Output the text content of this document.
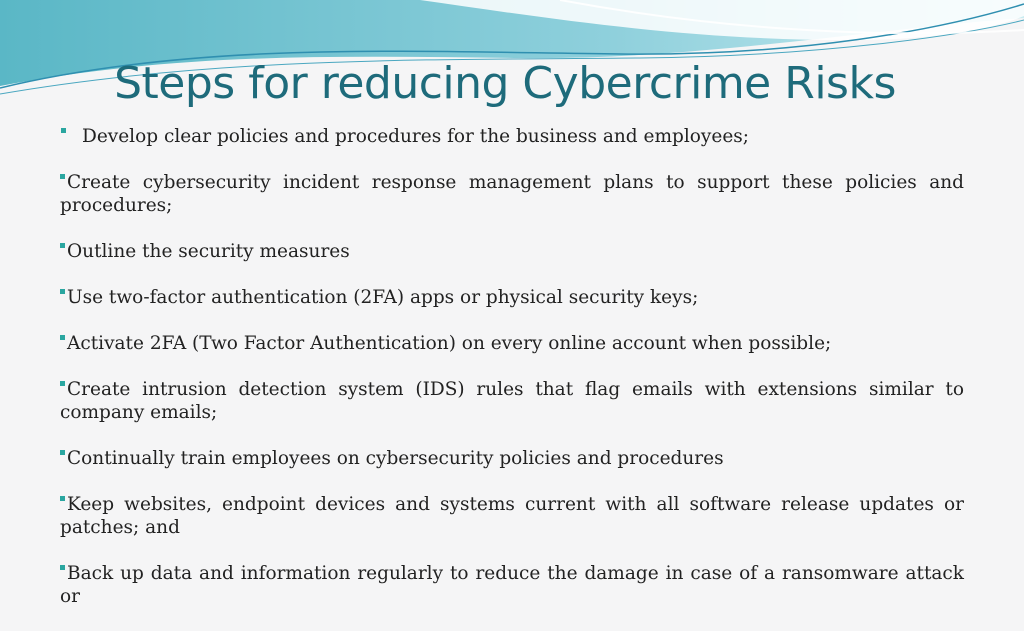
Steps for reducing Cybercrime Risks

Develop clear policies and procedures for the business and employees;

Create cybersecurity incident response management plans to support these policies and procedures;

Outline the security measures

Use two-factor authentication (2FA) apps or physical security keys;

Activate 2FA (Two Factor Authentication) on every online account when possible;

Create intrusion detection system (IDS) rules that flag emails with extensions similar to company emails;

Continually train employees on cybersecurity policies and procedures

Keep websites, endpoint devices and systems current with all software release updates or patches; and

Back up data and information regularly to reduce the damage in case of a ransomware attack or
